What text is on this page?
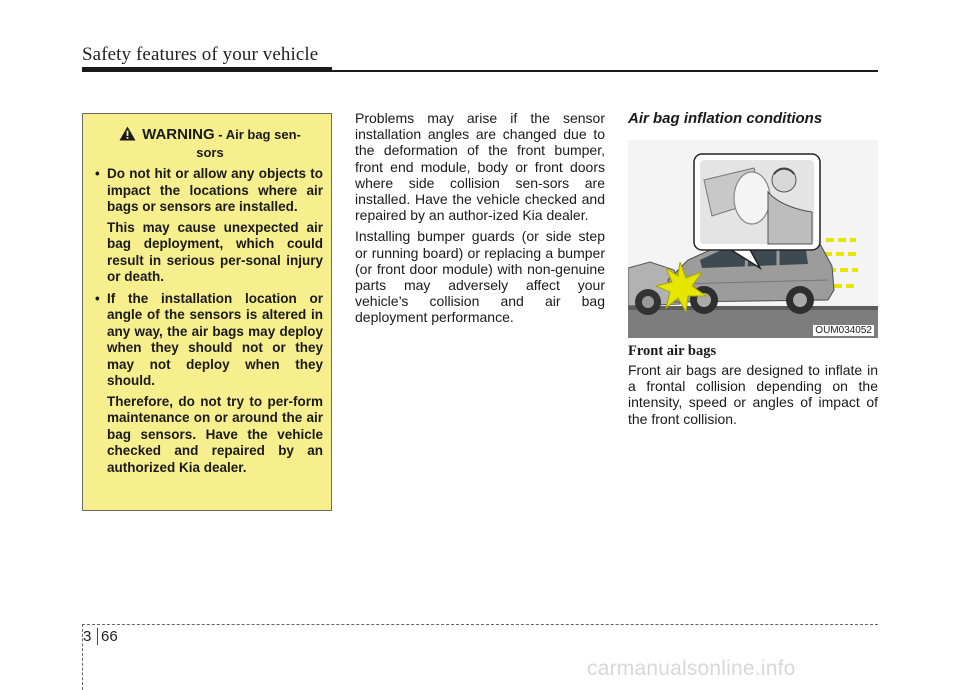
Safety features of your vehicle
WARNING - Air bag sen-
sors
• Do not hit or allow any objects to impact the locations where air bags or sensors are installed.

This may cause unexpected air bag deployment, which could result in serious per-sonal injury or death.

• If the installation location or angle of the sensors is altered in any way, the air bags may deploy when they should not or they may not deploy when they should.

Therefore, do not try to per-form maintenance on or around the air bag sensors. Have the vehicle checked and repaired by an authorized Kia dealer.

Problems may arise if the sensor installation angles are changed due to the deformation of the front bumper, front end module, body or front doors where side collision sen-sors are installed. Have the vehicle checked and repaired by an author-ized Kia dealer.

Installing bumper guards (or side step or running board) or replacing a bumper (or front door module) with non-genuine parts may adversely affect your vehicle’s collision and air bag deployment performance.

Air bag inflation conditions

OUM034052
Front air bags

Front air bags are designed to inflate in a frontal collision depending on the intensity, speed or angles of impact of the front collision.

3 66
carmanualsonline.info
